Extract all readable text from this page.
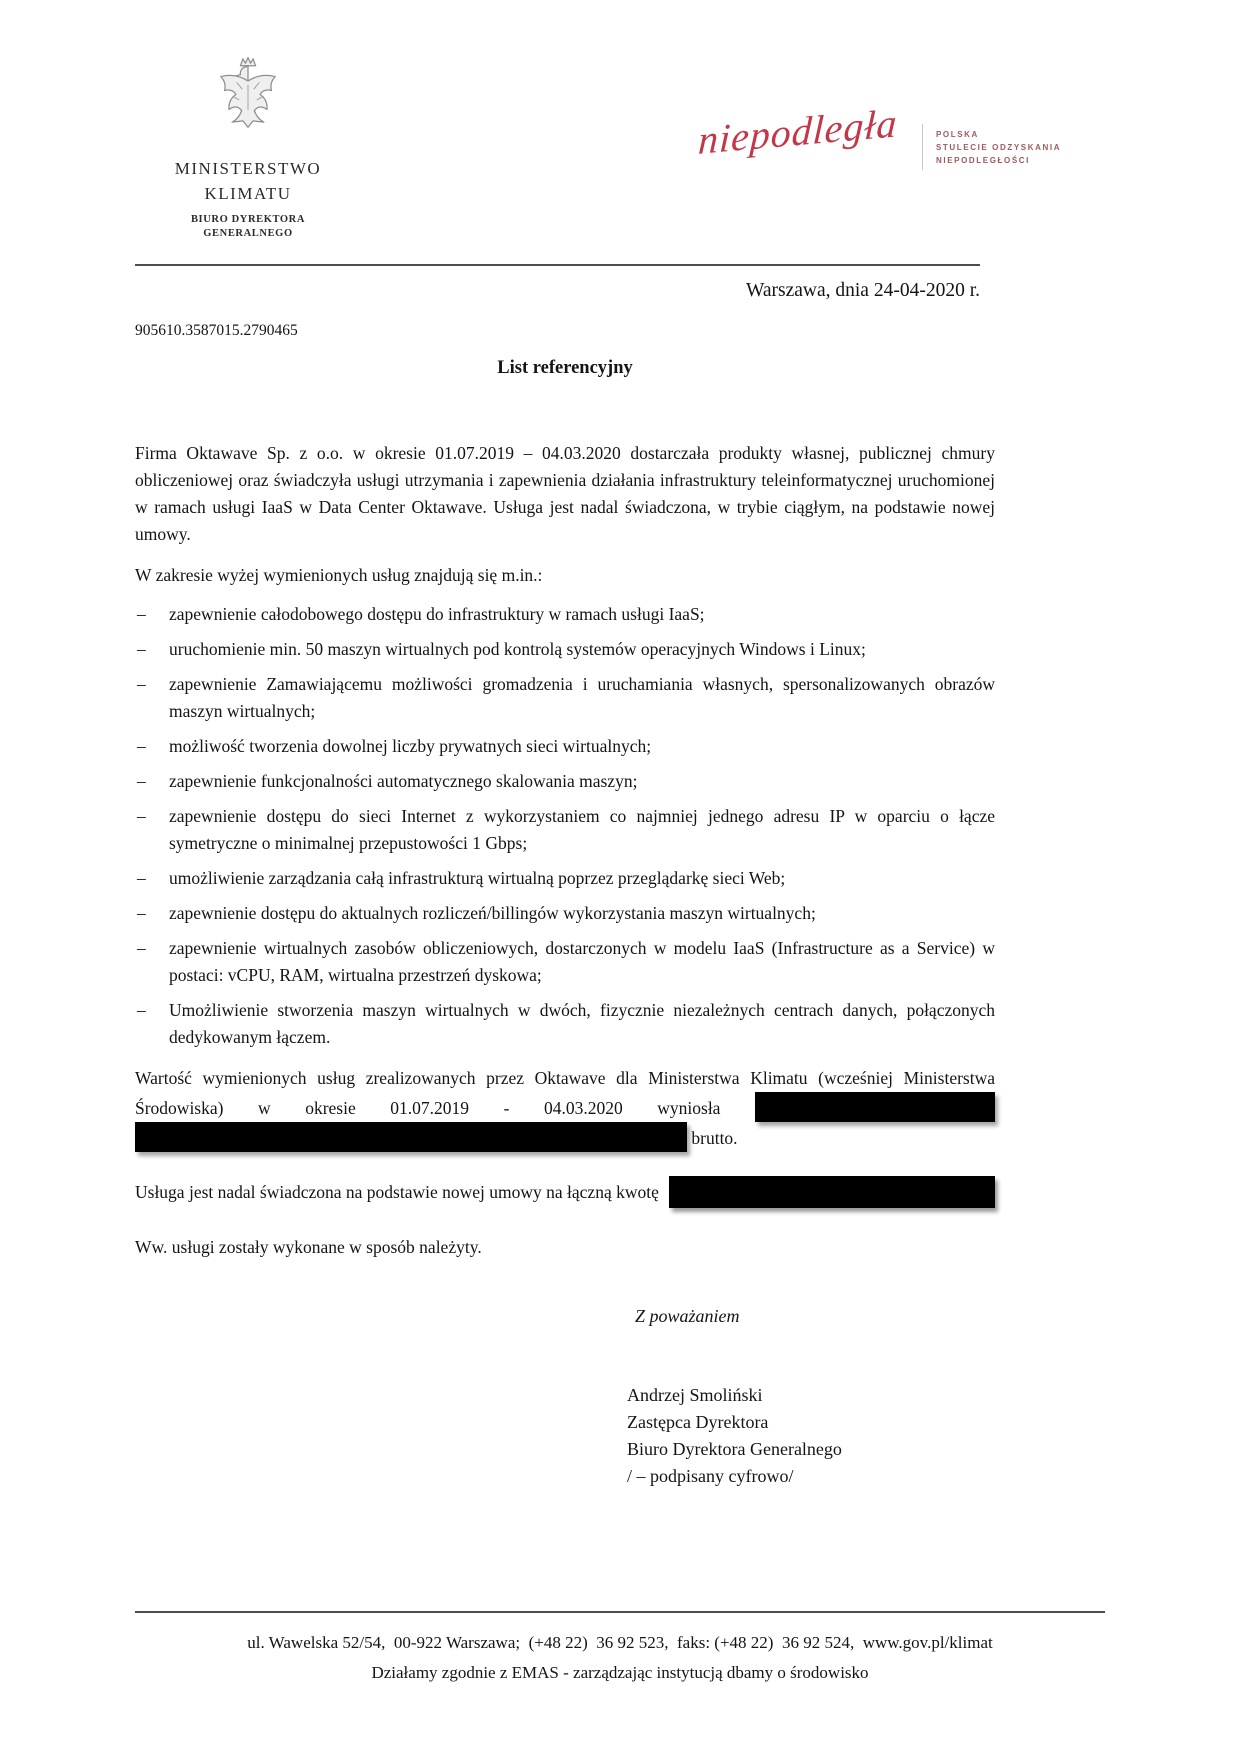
MINISTERSTWO
KLIMATU
BIURO DYREKTORA
GENERALNEGO
niepodległa	POLSKA
STULECIE ODZYSKANIA
NIEPODLEGŁOŚCI
Warszawa, dnia 24-04-2020 r.
905610.3587015.2790465
List referencyjny

Firma Oktawave Sp. z o.o. w okresie 01.07.2019 – 04.03.2020 dostarczała produkty własnej, publicznej chmury obliczeniowej oraz świadczyła usługi utrzymania i zapewnienia działania infrastruktury teleinformatycznej uruchomionej w ramach usługi IaaS w Data Center Oktawave. Usługa jest nadal świadczona, w trybie ciągłym, na podstawie nowej umowy.

W zakresie wyżej wymienionych usług znajdują się m.in.:

– zapewnienie całodobowego dostępu do infrastruktury w ramach usługi IaaS;
– uruchomienie min. 50 maszyn wirtualnych pod kontrolą systemów operacyjnych Windows i Linux;
– zapewnienie Zamawiającemu możliwości gromadzenia i uruchamiania własnych, spersonalizowanych obrazów maszyn wirtualnych;
– możliwość tworzenia dowolnej liczby prywatnych sieci wirtualnych;
– zapewnienie funkcjonalności automatycznego skalowania maszyn;
– zapewnienie dostępu do sieci Internet z wykorzystaniem co najmniej jednego adresu IP w oparciu o łącze symetryczne o minimalnej przepustowości 1 Gbps;
– umożliwienie zarządzania całą infrastrukturą wirtualną poprzez przeglądarkę sieci Web;
– zapewnienie dostępu do aktualnych rozliczeń/billingów wykorzystania maszyn wirtualnych;
– zapewnienie wirtualnych zasobów obliczeniowych, dostarczonych w modelu IaaS (Infrastructure as a Service) w postaci: vCPU, RAM, wirtualna przestrzeń dyskowa;
– Umożliwienie stworzenia maszyn wirtualnych w dwóch, fizycznie niezależnych centrach danych, połączonych dedykowanym łączem.

Wartość wymienionych usług zrealizowanych przez Oktawave dla Ministerstwa Klimatu (wcześniej Ministerstwa Środowiska) w okresie 01.07.2019 - 04.03.2020 wyniosła   brutto.

Usługa jest nadal świadczona na podstawie nowej umowy na łączną kwotę

Ww. usługi zostały wykonane w sposób należyty.

Z poważaniem
Andrzej Smoliński
Zastępca Dyrektora
Biuro Dyrektora Generalnego
/ – podpisany cyfrowo/
ul. Wawelska 52/54,  00-922 Warszawa;  (+48 22)  36 92 523,  faks: (+48 22)  36 92 524,  www.gov.pl/klimat
Działamy zgodnie z EMAS - zarządzając instytucją dbamy o środowisko
